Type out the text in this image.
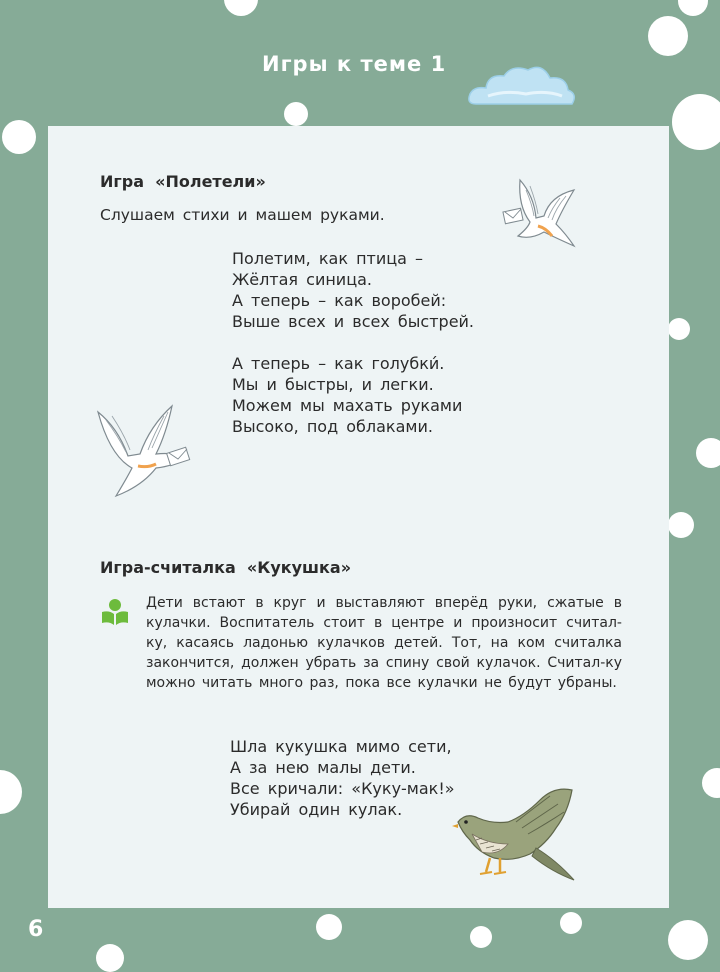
Игры к теме 1
Игра «Полетели»
Слушаем стихи и машем руками.
Полетим, как птица –
Жёлтая синица.
А теперь – как воробей:
Выше всех и всех быстрей.
А теперь – как голубки́.
Мы и быстры, и легки.
Можем мы махать руками
Высоко, под облаками.
Игра-считалка «Кукушка»
Дети встают в круг и выставляют вперёд руки, сжатые в кулачки. Воспитатель стоит в центре и произносит считал-ку, касаясь ладонью кулачков детей. Тот, на ком считалка закончится, должен убрать за спину свой кулачок. Считал-ку можно читать много раз, пока все кулачки не будут убраны.
Шла кукушка мимо сети,
А за нею малы дети.
Все кричали: «Куку-мак!»
Убирай один кулак.
6
